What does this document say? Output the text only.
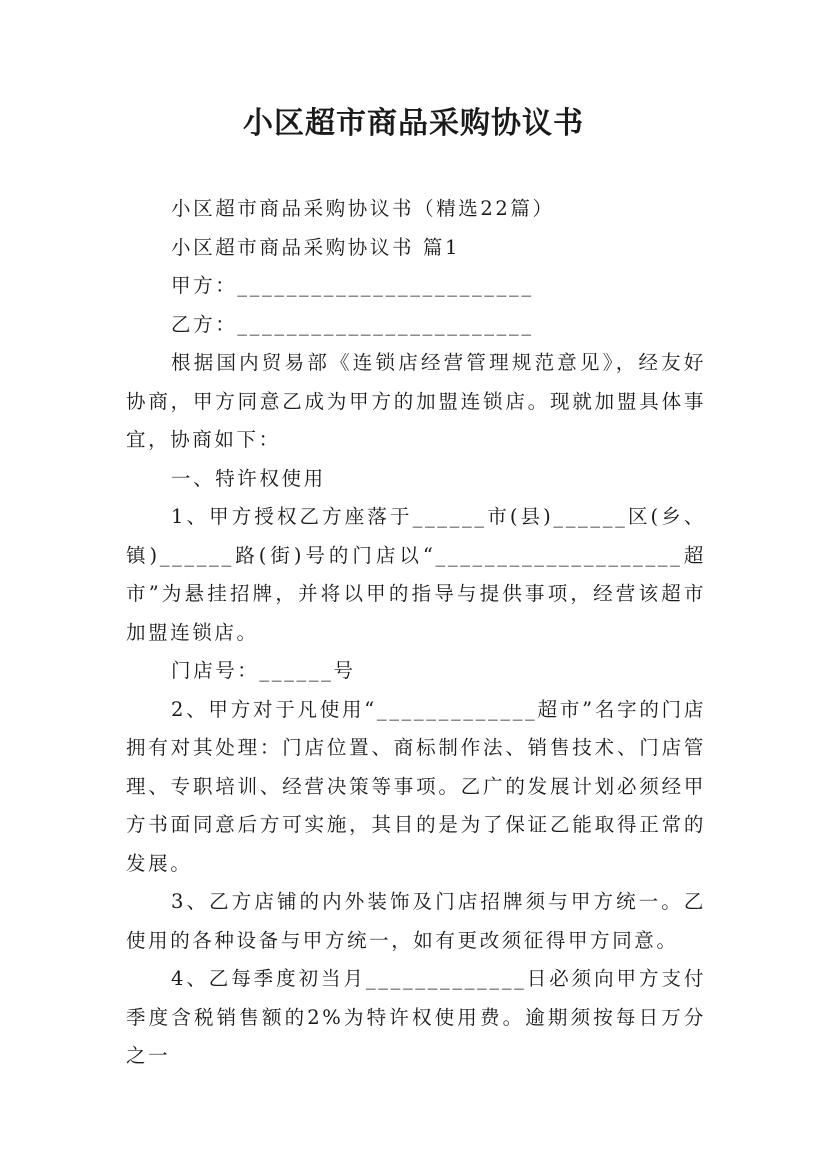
小区超市商品采购协议书

小区超市商品采购协议书（精选22篇）

小区超市商品采购协议书 篇1

甲方：________________________

乙方：________________________

根据国内贸易部《连锁店经营管理规范意见》，经友好协商，甲方同意乙成为甲方的加盟连锁店。现就加盟具体事宜，协商如下：

一、特许权使用

1、甲方授权乙方座落于______市(县)______区(乡、镇)______路(街)号的门店以“____________________超市”为悬挂招牌，并将以甲的指导与提供事项，经营该超市加盟连锁店。

门店号：______号

2、甲方对于凡使用“_____________超市”名字的门店拥有对其处理：门店位置、商标制作法、销售技术、门店管理、专职培训、经营决策等事项。乙广的发展计划必须经甲方书面同意后方可实施，其目的是为了保证乙能取得正常的发展。

3、乙方店铺的内外装饰及门店招牌须与甲方统一。乙使用的各种设备与甲方统一，如有更改须征得甲方同意。

4、乙每季度初当月_____________日必须向甲方支付季度含税销售额的2%为特许权使用费。逾期须按每日万分之一
